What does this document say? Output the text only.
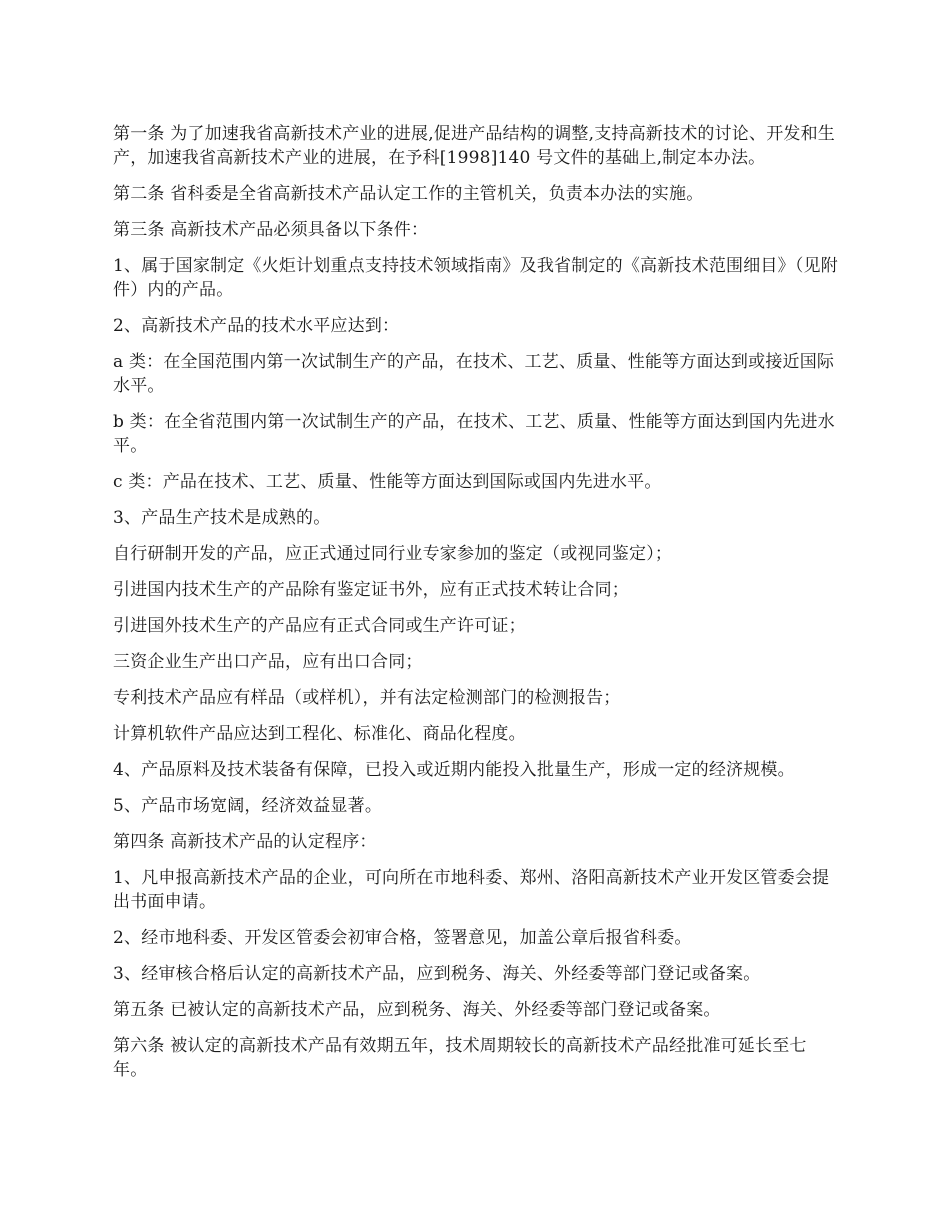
第一条 为了加速我省高新技术产业的进展,促进产品结构的调整,支持高新技术的讨论、开发和生产，加速我省高新技术产业的进展，在予科[1998]140 号文件的基础上,制定本办法。

第二条 省科委是全省高新技术产品认定工作的主管机关，负责本办法的实施。

第三条 高新技术产品必须具备以下条件：

1、属于国家制定《火炬计划重点支持技术领域指南》及我省制定的《高新技术范围细目》（见附件）内的产品。

2、高新技术产品的技术水平应达到：

a 类：在全国范围内第一次试制生产的产品，在技术、工艺、质量、性能等方面达到或接近国际水平。

b 类：在全省范围内第一次试制生产的产品，在技术、工艺、质量、性能等方面达到国内先进水平。

c 类：产品在技术、工艺、质量、性能等方面达到国际或国内先进水平。

3、产品生产技术是成熟的。

自行研制开发的产品，应正式通过同行业专家参加的鉴定（或视同鉴定）；

引进国内技术生产的产品除有鉴定证书外，应有正式技术转让合同；

引进国外技术生产的产品应有正式合同或生产许可证；

三资企业生产出口产品，应有出口合同；

专利技术产品应有样品（或样机），并有法定检测部门的检测报告；

计算机软件产品应达到工程化、标准化、商品化程度。

4、产品原料及技术装备有保障，已投入或近期内能投入批量生产，形成一定的经济规模。

5、产品市场宽阔，经济效益显著。

第四条 高新技术产品的认定程序：

1、凡申报高新技术产品的企业，可向所在市地科委、郑州、洛阳高新技术产业开发区管委会提出书面申请。

2、经市地科委、开发区管委会初审合格，签署意见，加盖公章后报省科委。

3、经审核合格后认定的高新技术产品，应到税务、海关、外经委等部门登记或备案。

第五条 已被认定的高新技术产品，应到税务、海关、外经委等部门登记或备案。

第六条 被认定的高新技术产品有效期五年，技术周期较长的高新技术产品经批准可延长至七年。
